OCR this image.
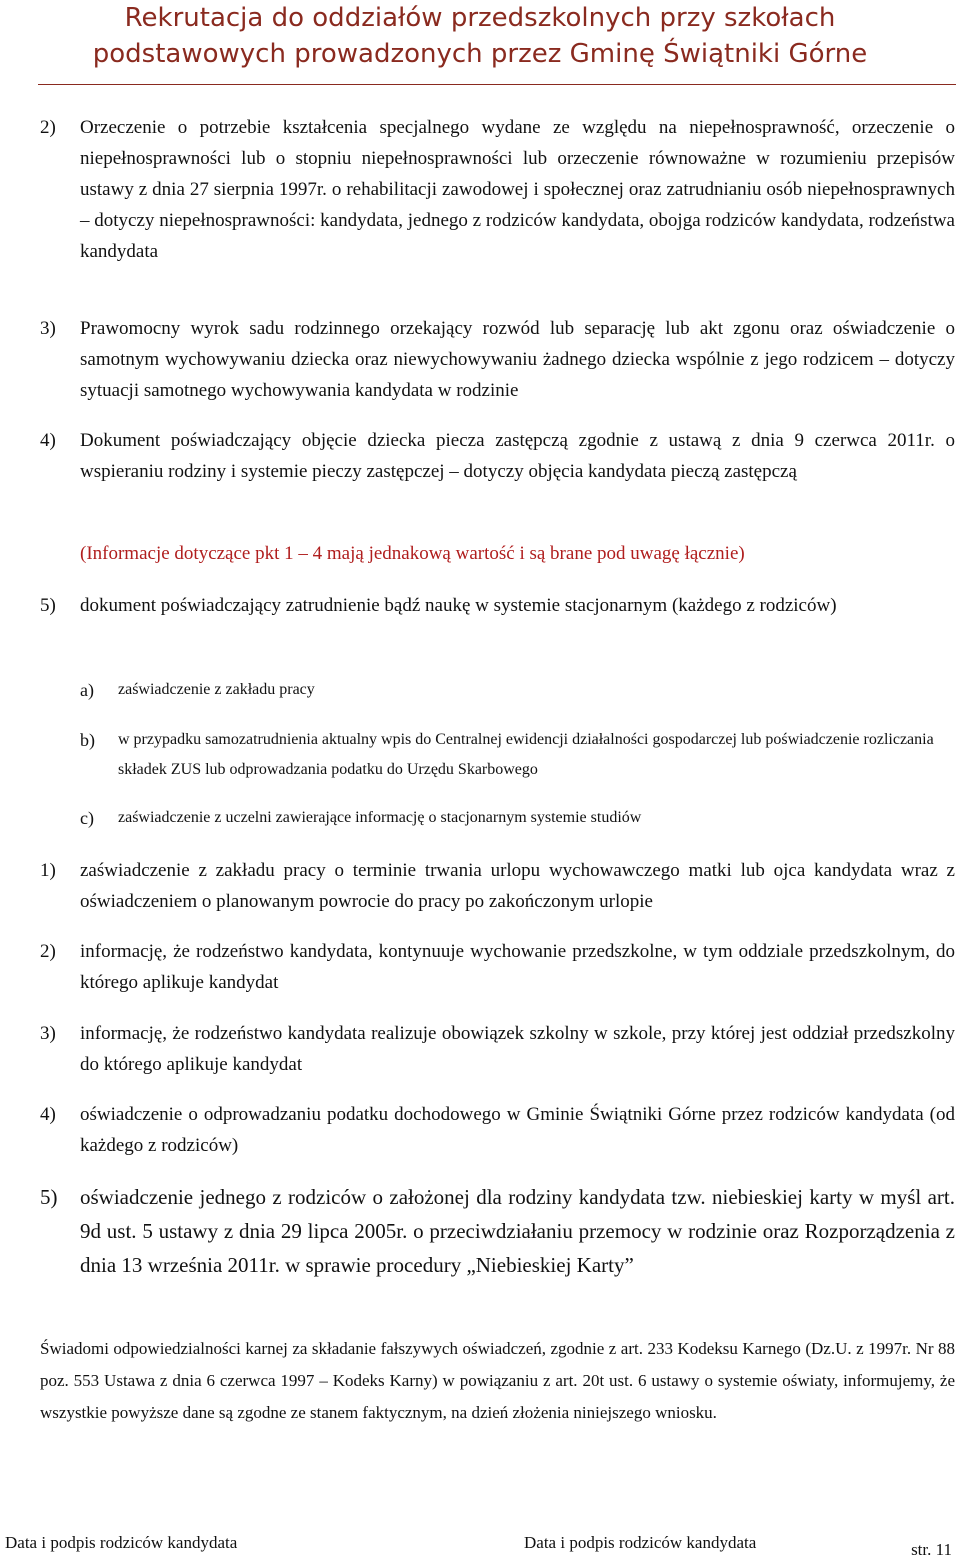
Rekrutacja do oddziałów przedszkolnych przy szkołach
podstawowych prowadzonych przez Gminę Świątniki Górne
2)	Orzeczenie o potrzebie kształcenia specjalnego wydane ze względu na niepełnosprawność, orzeczenie o niepełnosprawności lub o stopniu niepełnosprawności lub orzeczenie równoważne w rozumieniu przepisów ustawy z dnia 27 sierpnia 1997r. o rehabilitacji zawodowej i społecznej oraz zatrudnianiu osób niepełnosprawnych – dotyczy niepełnosprawności: kandydata, jednego z rodziców kandydata, obojga rodziców kandydata, rodzeństwa kandydata
3)	Prawomocny wyrok sadu rodzinnego orzekający rozwód lub separację lub akt zgonu oraz oświadczenie o samotnym wychowywaniu dziecka oraz niewychowywaniu żadnego dziecka wspólnie z jego rodzicem – dotyczy sytuacji samotnego wychowywania kandydata w rodzinie
4)	Dokument poświadczający objęcie dziecka piecza zastępczą zgodnie z ustawą z dnia 9 czerwca 2011r. o wspieraniu rodziny i systemie pieczy zastępczej – dotyczy objęcia kandydata pieczą zastępczą
(Informacje dotyczące pkt 1 – 4 mają jednakową wartość i są brane pod uwagę łącznie)
5)	dokument poświadczający zatrudnienie bądź naukę w systemie stacjonarnym (każdego z rodziców)
a)	zaświadczenie z zakładu pracy
b)	w przypadku samozatrudnienia aktualny wpis do Centralnej ewidencji działalności gospodarczej lub poświadczenie rozliczania składek ZUS lub odprowadzania podatku do Urzędu Skarbowego
c)	zaświadczenie z uczelni zawierające informację o stacjonarnym systemie studiów
1)	zaświadczenie z zakładu pracy o terminie trwania urlopu wychowawczego matki lub ojca kandydata wraz z oświadczeniem o planowanym powrocie do pracy po zakończonym urlopie
2)	informację, że rodzeństwo kandydata, kontynuuje wychowanie przedszkolne, w tym oddziale przedszkolnym, do którego aplikuje kandydat
3)	informację, że rodzeństwo kandydata realizuje obowiązek szkolny w szkole, przy której jest oddział przedszkolny do którego aplikuje kandydat
4)	oświadczenie o odprowadzaniu podatku dochodowego w Gminie Świątniki Górne przez rodziców kandydata (od każdego z rodziców)
5)	oświadczenie jednego z rodziców o założonej dla rodziny kandydata tzw. niebieskiej karty w myśl art. 9d ust. 5 ustawy z dnia 29 lipca 2005r. o przeciwdziałaniu przemocy w rodzinie oraz Rozporządzenia z dnia 13 września 2011r. w sprawie procedury „Niebieskiej Karty”
Świadomi odpowiedzialności karnej za składanie fałszywych oświadczeń, zgodnie z art. 233 Kodeksu Karnego (Dz.U. z 1997r. Nr 88 poz. 553 Ustawa z dnia 6 czerwca 1997 – Kodeks Karny) w powiązaniu z art. 20t ust. 6 ustawy o systemie oświaty, informujemy, że wszystkie powyższe dane są zgodne ze stanem faktycznym, na dzień złożenia niniejszego wniosku.
Data i podpis rodziców kandydata	Data i podpis rodziców kandydata	str. 11
